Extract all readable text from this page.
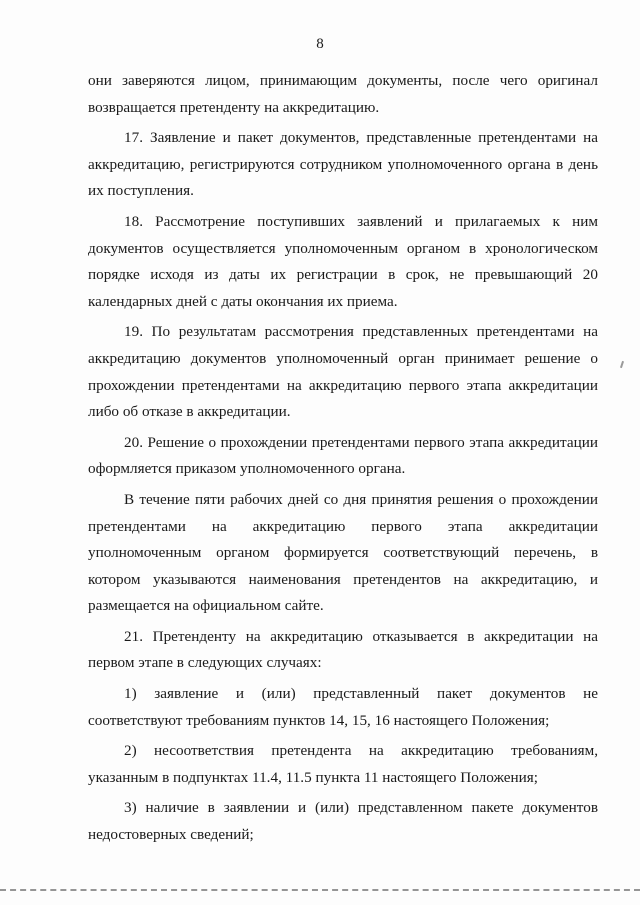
8

они заверяются лицом, принимающим документы, после чего оригинал возвращается претенденту на аккредитацию.

17. Заявление и пакет документов, представленные претендентами на аккредитацию, регистрируются сотрудником уполномоченного органа в день их поступления.

18. Рассмотрение поступивших заявлений и прилагаемых к ним документов осуществляется уполномоченным органом в хронологическом порядке исходя из даты их регистрации в срок, не превышающий 20 календарных дней с даты окончания их приема.

19. По результатам рассмотрения представленных претендентами на аккредитацию документов уполномоченный орган принимает решение о прохождении претендентами на аккредитацию первого этапа аккредитации либо об отказе в аккредитации.

20. Решение о прохождении претендентами первого этапа аккредитации оформляется приказом уполномоченного органа.

В течение пяти рабочих дней со дня принятия решения о прохождении претендентами на аккредитацию первого этапа аккредитации уполномоченным органом формируется соответствующий перечень, в котором указываются наименования претендентов на аккредитацию, и размещается на официальном сайте.

21. Претенденту на аккредитацию отказывается в аккредитации на первом этапе в следующих случаях:

1) заявление и (или) представленный пакет документов не соответствуют требованиям пунктов 14, 15, 16 настоящего Положения;

2) несоответствия претендента на аккредитацию требованиям, указанным в подпунктах 11.4, 11.5 пункта 11 настоящего Положения;

3) наличие в заявлении и (или) представленном пакете документов недостоверных сведений;
